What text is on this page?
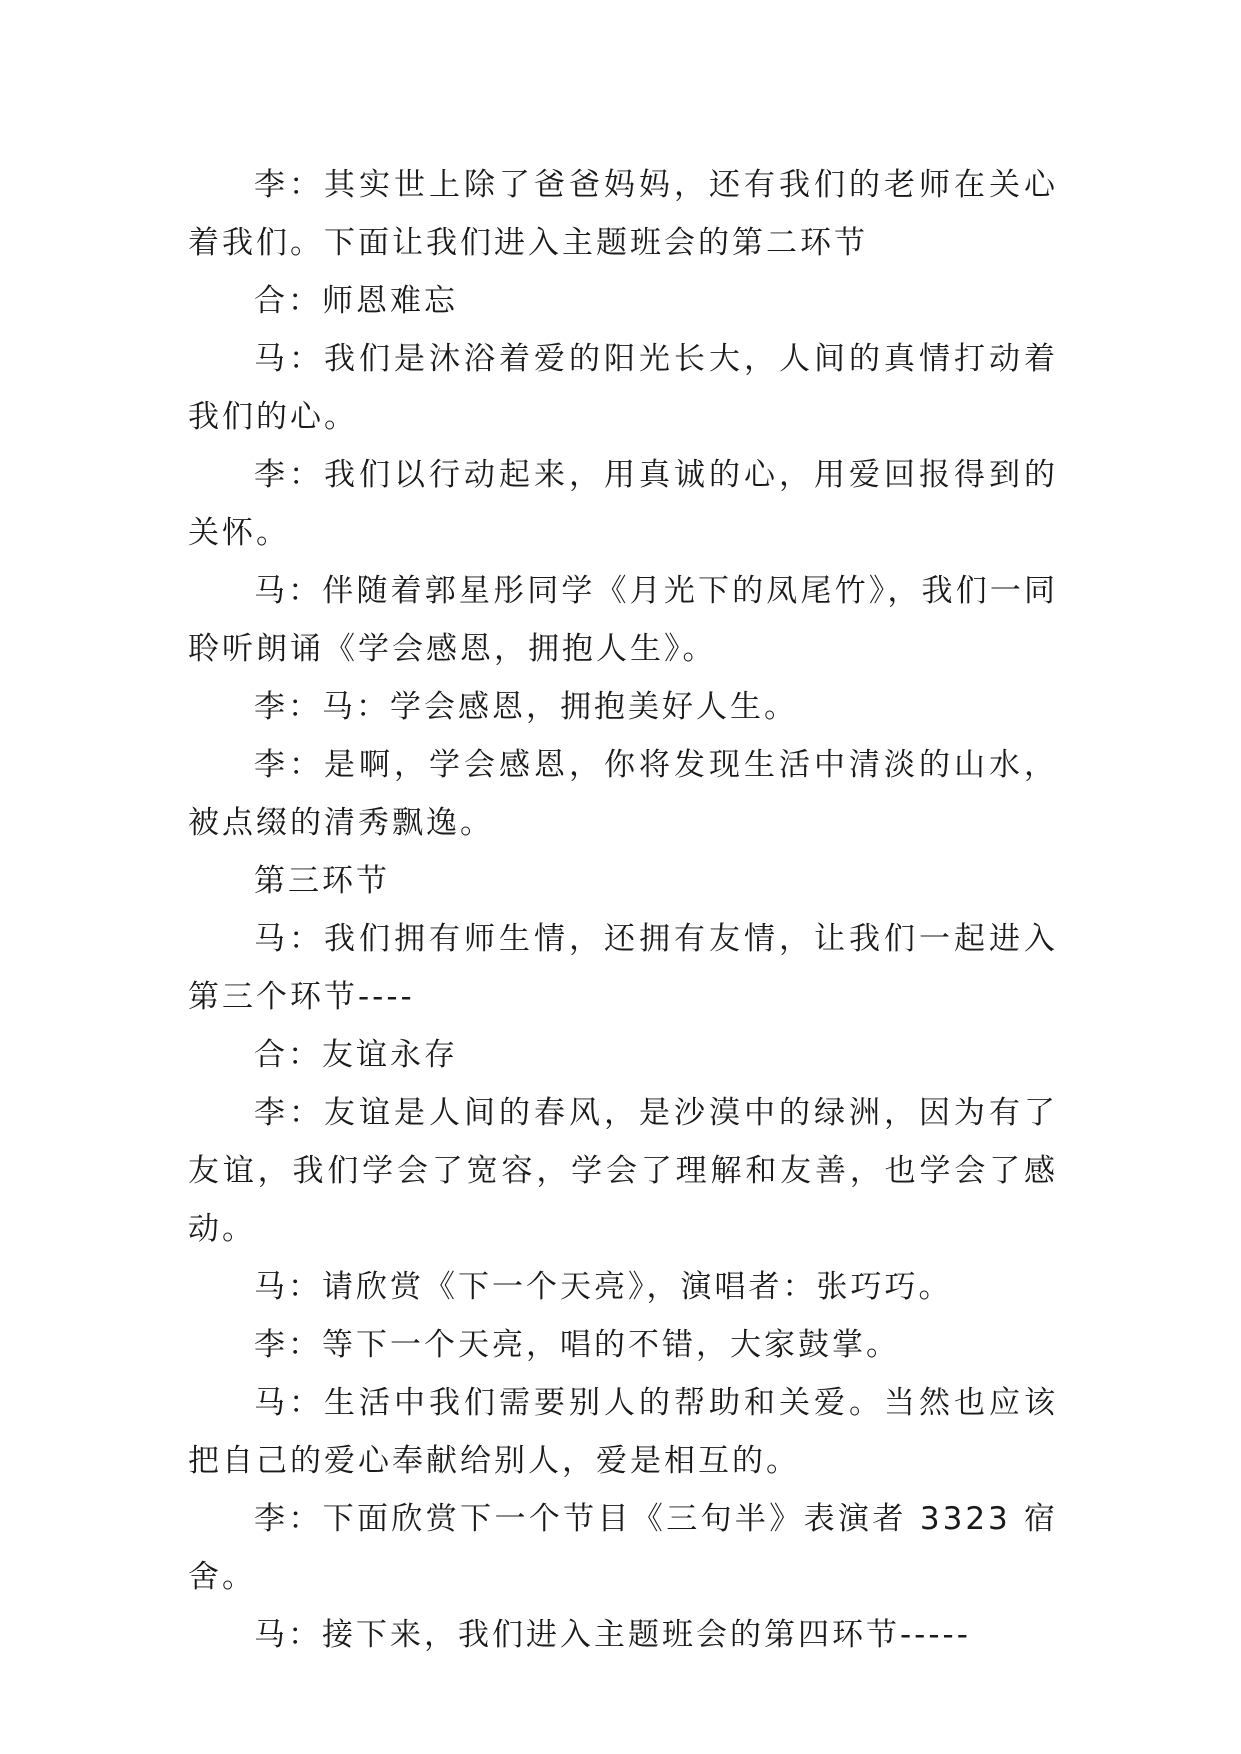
李：其实世上除了爸爸妈妈，还有我们的老师在关心着我们。下面让我们进入主题班会的第二环节

合：师恩难忘

马：我们是沐浴着爱的阳光长大，人间的真情打动着我们的心。

李：我们以行动起来，用真诚的心，用爱回报得到的关怀。

马：伴随着郭星彤同学《月光下的凤尾竹》，我们一同聆听朗诵《学会感恩，拥抱人生》。

李：马：学会感恩，拥抱美好人生。

李：是啊，学会感恩，你将发现生活中清淡的山水，被点缀的清秀飘逸。

第三环节

马：我们拥有师生情，还拥有友情，让我们一起进入第三个环节----

合：友谊永存

李：友谊是人间的春风，是沙漠中的绿洲，因为有了友谊，我们学会了宽容，学会了理解和友善，也学会了感动。

马：请欣赏《下一个天亮》，演唱者：张巧巧。

李：等下一个天亮，唱的不错，大家鼓掌。

马：生活中我们需要别人的帮助和关爱。当然也应该把自己的爱心奉献给别人，爱是相互的。

李：下面欣赏下一个节目《三句半》表演者 3323 宿舍。

马：接下来，我们进入主题班会的第四环节-----
